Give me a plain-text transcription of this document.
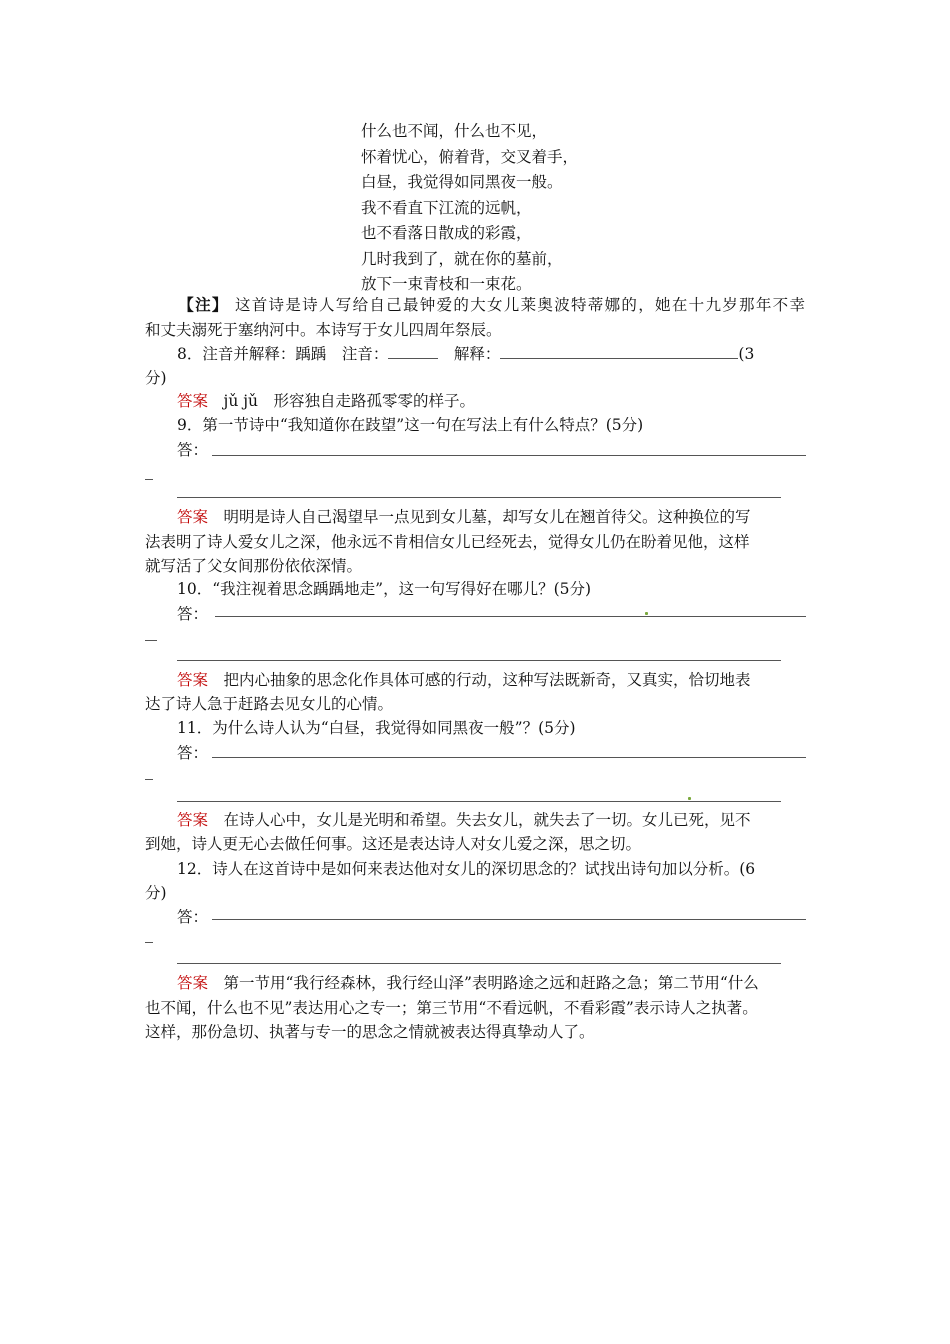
什么也不闻，什么也不见，
怀着忧心，俯着背，交叉着手，
白昼，我觉得如同黑夜一般。
我不看直下江流的远帆，
也不看落日散成的彩霞，
几时我到了，就在你的墓前，
放下一束青枝和一束花。
【注】 这首诗是诗人写给自己最钟爱的大女儿莱奥波特蒂娜的，她在十九岁那年不幸
和丈夫溺死于塞纳河中。本诗写于女儿四周年祭辰。
8．注音并解释：踽踽　注音：	　解释：	(3
分)
答案　 jǔ jǔ　形容独自走路孤零零的样子。
9．第一节诗中“我知道你在跂望”这一句在写法上有什么特点？(5分)
答：
答案　 明明是诗人自己渴望早一点见到女儿墓，却写女儿在翘首待父。这种换位的写
法表明了诗人爱女儿之深，他永远不肯相信女儿已经死去，觉得女儿仍在盼着见他，这样
就写活了父女间那份依依深情。
10．“我注视着思念踽踽地走”，这一句写得好在哪儿？(5分)
答：
答案　 把内心抽象的思念化作具体可感的行动，这种写法既新奇，又真实，恰切地表
达了诗人急于赶路去见女儿的心情。
11．为什么诗人认为“白昼，我觉得如同黑夜一般”？(5分)
答：
答案　 在诗人心中，女儿是光明和希望。失去女儿，就失去了一切。女儿已死，见不
到她，诗人更无心去做任何事。这还是表达诗人对女儿爱之深，思之切。
12．诗人在这首诗中是如何来表达他对女儿的深切思念的？试找出诗句加以分析。(6
分)
答：
答案　 第一节用“我行经森林，我行经山泽”表明路途之远和赶路之急；第二节用“什么
也不闻，什么也不见”表达用心之专一；第三节用“不看远帆，不看彩霞”表示诗人之执著。
这样，那份急切、执著与专一的思念之情就被表达得真挚动人了。
